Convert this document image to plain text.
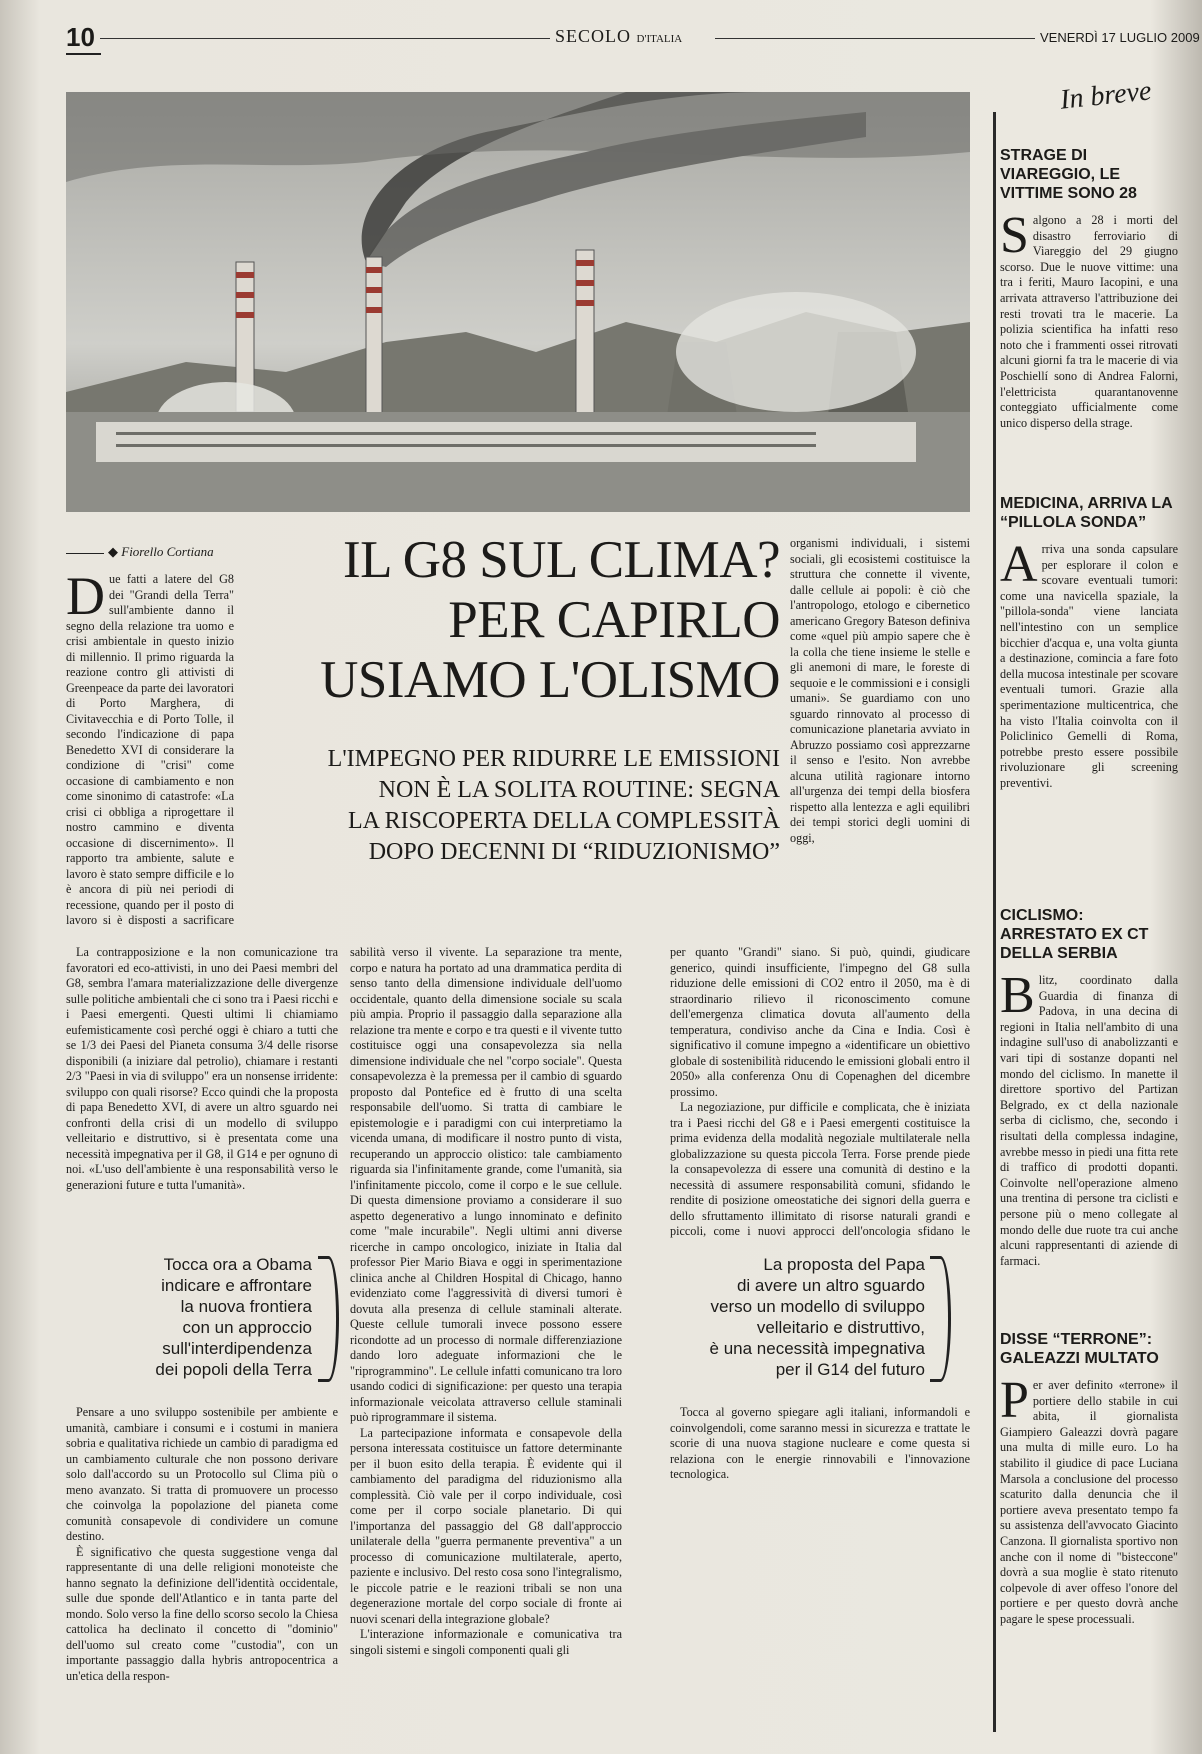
10	SECOLO D'ITALIA	VENERDÌ 17 LUGLIO 2009
◆ Fiorello Cortiana	IL G8 SUL CLIMA?
PER CAPIRLO
USIAMO L'OLISMO
L'IMPEGNO PER RIDURRE LE EMISSIONI
NON È LA SOLITA ROUTINE: SEGNA
LA RISCOPERTA DELLA COMPLESSITÀ
DOPO DECENNI DI “RIDUZIONISMO”

Due fatti a latere del G8 dei "Grandi della Terra" sull'ambiente danno il segno della relazione tra uomo e crisi ambientale in questo inizio di millennio. Il primo riguarda la reazione contro gli attivisti di Greenpeace da parte dei lavoratori di Porto Marghera, di Civitavecchia e di Porto Tolle, il secondo l'indicazione di papa Benedetto XVI di considerare la condizione di "crisi" come occasione di cambiamento e non come sinonimo di catastrofe: «La crisi ci obbliga a riprogettare il nostro cammino e diventa occasione di discernimento». Il rapporto tra ambiente, salute e lavoro è stato sempre difficile e lo è ancora di più nei periodi di recessione, quando per il posto di lavoro si è disposti a sacrificare

La contrapposizione e la non comunicazione tra favoratori ed eco-attivisti, in uno dei Paesi membri del G8, sembra l'amara materializzazione delle divergenze sulle politiche ambientali che ci sono tra i Paesi ricchi e i Paesi emergenti. Questi ultimi li chiamiamo eufemisticamente così perché oggi è chiaro a tutti che se 1/3 dei Paesi del Pianeta consuma 3/4 delle risorse disponibili (a iniziare dal petrolio), chiamare i restanti 2/3 "Paesi in via di sviluppo" era un nonsense irridente: sviluppo con quali risorse? Ecco quindi che la proposta di papa Benedetto XVI, di avere un altro sguardo nei confronti della crisi di un modello di sviluppo velleitario e distruttivo, si è presentata come una necessità impegnativa per il G8, il G14 e per ognuno di noi. «L'uso dell'ambiente è una responsabilità verso le generazioni future e tutta l'umanità».

Tocca ora a Obama
indicare e affrontare
la nuova frontiera
con un approccio
sull'interdipendenza
dei popoli della Terra

Pensare a uno sviluppo sostenibile per ambiente e umanità, cambiare i consumi e i costumi in maniera sobria e qualitativa richiede un cambio di paradigma ed un cambiamento culturale che non possono derivare solo dall'accordo su un Protocollo sul Clima più o meno avanzato. Si tratta di promuovere un processo che coinvolga la popolazione del pianeta come comunità consapevole di condividere un comune destino.

È significativo che questa suggestione venga dal rappresentante di una delle religioni monoteiste che hanno segnato la definizione dell'identità occidentale, sulle due sponde dell'Atlantico e in tanta parte del mondo. Solo verso la fine dello scorso secolo la Chiesa cattolica ha declinato il concetto di "dominio" dell'uomo sul creato come "custodia", con un importante passaggio dalla hybris antropocentrica a un'etica della respon-

sabilità verso il vivente. La separazione tra mente, corpo e natura ha portato ad una drammatica perdita di senso tanto della dimensione individuale dell'uomo occidentale, quanto della dimensione sociale su scala più ampia. Proprio il passaggio dalla separazione alla relazione tra mente e corpo e tra questi e il vivente tutto costituisce oggi una consapevolezza sia nella dimensione individuale che nel "corpo sociale". Questa consapevolezza è la premessa per il cambio di sguardo proposto dal Pontefice ed è frutto di una scelta responsabile dell'uomo. Si tratta di cambiare le epistemologie e i paradigmi con cui interpretiamo la vicenda umana, di modificare il nostro punto di vista, recuperando un approccio olistico: tale cambiamento riguarda sia l'infinitamente grande, come l'umanità, sia l'infinitamente piccolo, come il corpo e le sue cellule. Di questa dimensione proviamo a considerare il suo aspetto degenerativo a lungo innominato e definito come "male incurabile". Negli ultimi anni diverse ricerche in campo oncologico, iniziate in Italia dal professor Pier Mario Biava e oggi in sperimentazione clinica anche al Children Hospital di Chicago, hanno evidenziato come l'aggressività di diversi tumori è dovuta alla presenza di cellule staminali alterate. Queste cellule tumorali invece possono essere ricondotte ad un processo di normale differenziazione dando loro adeguate informazioni che le "riprogrammino". Le cellule infatti comunicano tra loro usando codici di significazione: per questo una terapia informazionale veicolata attraverso cellule staminali può riprogrammare il sistema.

La partecipazione informata e consapevole della persona interessata costituisce un fattore determinante per il buon esito della terapia. È evidente qui il cambiamento del paradigma del riduzionismo alla complessità. Ciò vale per il corpo individuale, così come per il corpo sociale planetario. Di qui l'importanza del passaggio del G8 dall'approccio unilaterale della "guerra permanente preventiva" a un processo di comunicazione multilaterale, aperto, paziente e inclusivo. Del resto cosa sono l'integralismo, le piccole patrie e le reazioni tribali se non una degenerazione mortale del corpo sociale di fronte ai nuovi scenari della integrazione globale?

L'interazione informazionale e comunicativa tra singoli sistemi e singoli componenti quali gli

organismi individuali, i sistemi sociali, gli ecosistemi costituisce la struttura che connette il vivente, dalle cellule ai popoli: è ciò che l'antropologo, etologo e cibernetico americano Gregory Bateson definiva come «quel più ampio sapere che è la colla che tiene insieme le stelle e gli anemoni di mare, le foreste di sequoie e le commissioni e i consigli umani». Se guardiamo con uno sguardo rinnovato al processo di comunicazione planetaria avviato in Abruzzo possiamo così apprezzarne il senso e l'esito. Non avrebbe alcuna utilità ragionare intorno all'urgenza dei tempi della biosfera rispetto alla lentezza e agli equilibri dei tempi storici degli uomini di oggi,

per quanto "Grandi" siano. Si può, quindi, giudicare generico, quindi insufficiente, l'impegno del G8 sulla riduzione delle emissioni di CO2 entro il 2050, ma è di straordinario rilievo il riconoscimento comune dell'emergenza climatica dovuta all'aumento della temperatura, condiviso anche da Cina e India. Così è significativo il comune impegno a «identificare un obiettivo globale di sostenibilità riducendo le emissioni globali entro il 2050» alla conferenza Onu di Copenaghen del dicembre prossimo.

La negoziazione, pur difficile e complicata, che è iniziata tra i Paesi ricchi del G8 e i Paesi emergenti costituisce la prima evidenza della modalità negoziale multilaterale nella globalizzazione su questa piccola Terra. Forse prende piede la consapevolezza di essere una comunità di destino e la necessità di assumere responsabilità comuni, sfidando le rendite di posizione omeostatiche dei signori della guerra e dello sfruttamento illimitato di risorse naturali grandi e piccoli, come i nuovi approcci dell'oncologia sfidano le

La proposta del Papa
di avere un altro sguardo
verso un modello di sviluppo
velleitario e distruttivo,
è una necessità impegnativa
per il G14 del futuro

Tocca al governo spiegare agli italiani, informandoli e coinvolgendoli, come saranno messi in sicurezza e trattate le scorie di una nuova stagione nucleare e come questa si relaziona con le energie rinnovabili e l'innovazione tecnologica.

In breve
STRAGE DI VIAREGGIO, LE VITTIME SONO 28
Salgono a 28 i morti del disastro ferroviario di Viareggio del 29 giugno scorso. Due le nuove vittime: una tra i feriti, Mauro Iacopini, e una arrivata attraverso l'attribuzione dei resti trovati tra le macerie. La polizia scientifica ha infatti reso noto che i frammenti ossei ritrovati alcuni giorni fa tra le macerie di via Poschiellí sono di Andrea Falorni, l'elettricista quarantanovenne conteggiato ufficialmente come unico disperso della strage.
MEDICINA, ARRIVA LA “PILLOLA SONDA”
Arriva una sonda capsulare per esplorare il colon e scovare eventuali tumori: come una navicella spaziale, la "pillola-sonda" viene lanciata nell'intestino con un semplice bicchier d'acqua e, una volta giunta a destinazione, comincia a fare foto della mucosa intestinale per scovare eventuali tumori. Grazie alla sperimentazione multicentrica, che ha visto l'Italia coinvolta con il Policlinico Gemelli di Roma, potrebbe presto essere possibile rivoluzionare gli screening preventivi.
CICLISMO: ARRESTATO EX CT DELLA SERBIA
Blitz, coordinato dalla Guardia di finanza di Padova, in una decina di regioni in Italia nell'ambito di una indagine sull'uso di anabolizzanti e vari tipi di sostanze dopanti nel mondo del ciclismo. In manette il direttore sportivo del Partizan Belgrado, ex ct della nazionale serba di ciclismo, che, secondo i risultati della complessa indagine, avrebbe messo in piedi una fitta rete di traffico di prodotti dopanti. Coinvolte nell'operazione almeno una trentina di persone tra ciclisti e persone più o meno collegate al mondo delle due ruote tra cui anche alcuni rappresentanti di aziende di farmaci.
DISSE “TERRONE”: GALEAZZI MULTATO
Per aver definito «terrone» il portiere dello stabile in cui abita, il giornalista Giampiero Galeazzi dovrà pagare una multa di mille euro. Lo ha stabilito il giudice di pace Luciana Marsola a conclusione del processo scaturito dalla denuncia che il portiere aveva presentato tempo fa su assistenza dell'avvocato Giacinto Canzona. Il giornalista sportivo non anche con il nome di "bisteccone" dovrà a sua moglie è stato ritenuto colpevole di aver offeso l'onore del portiere e per questo dovrà anche pagare le spese processuali.
